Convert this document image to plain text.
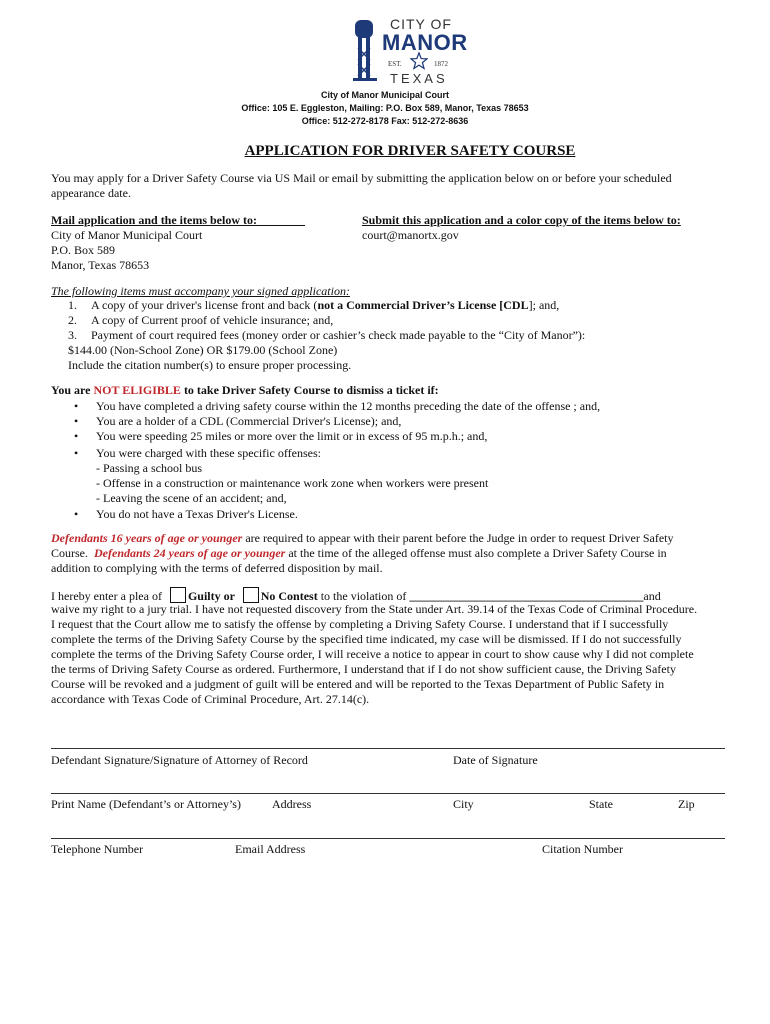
CITY OF
MANOR
EST.	1872
TEXAS
City of Manor Municipal Court
Office: 105 E. Eggleston, Mailing: P.O. Box 589, Manor, Texas 78653
Office: 512-272-8178 Fax: 512-272-8636
APPLICATION FOR DRIVER SAFETY COURSE
You may apply for a Driver Safety Course via US Mail or email by submitting the application below on or before your scheduled
appearance date.
Mail application and the items below to:
City of Manor Municipal Court
P.O. Box 589
Manor, Texas 78653
Submit this application and a color copy of the items below to:
court@manortx.gov
The following items must accompany your signed application:
1. A copy of your driver's license front and back (not a Commercial Driver’s License [CDL]; and,
2. A copy of Current proof of vehicle insurance; and,
3. Payment of court required fees (money order or cashier’s check made payable to the “City of Manor”):
$144.00 (Non-School Zone) OR $179.00 (School Zone)
Include the citation number(s) to ensure proper processing.
You are NOT ELIGIBLE to take Driver Safety Course to dismiss a ticket if:
• You have completed a driving safety course within the 12 months preceding the date of the offense ; and,
• You are a holder of a CDL (Commercial Driver's License); and,
• You were speeding 25 miles or more over the limit or in excess of 95 m.p.h.; and,
• You were charged with these specific offenses:
- Passing a school bus
- Offense in a construction or maintenance work zone when workers were present
- Leaving the scene of an accident; and,
• You do not have a Texas Driver's License.
Defendants 16 years of age or younger are required to appear with their parent before the Judge in order to request Driver Safety
Course.  Defendants 24 years of age or younger at the time of the alleged offense must also complete a Driver Safety Course in
addition to complying with the terms of deferred disposition by mail.
I hereby enter a plea of Guilty or No Contest to the violation of _______________________________________and
waive my right to a jury trial. I have not requested discovery from the State under Art. 39.14 of the Texas Code of Criminal Procedure.
I request that the Court allow me to satisfy the offense by completing a Driving Safety Course. I understand that if I successfully
complete the terms of the Driving Safety Course by the specified time indicated, my case will be dismissed. If I do not successfully
complete the terms of the Driving Safety Course order, I will receive a notice to appear in court to show cause why I did not complete
the terms of Driving Safety Course as ordered. Furthermore, I understand that if I do not show sufficient cause, the Driving Safety
Course will be revoked and a judgment of guilt will be entered and will be reported to the Texas Department of Public Safety in
accordance with Texas Code of Criminal Procedure, Art. 27.14(c).
Defendant Signature/Signature of Attorney of Record	Date of Signature
Print Name (Defendant’s or Attorney’s)	Address	City	State	Zip
Telephone Number	Email Address	Citation Number
